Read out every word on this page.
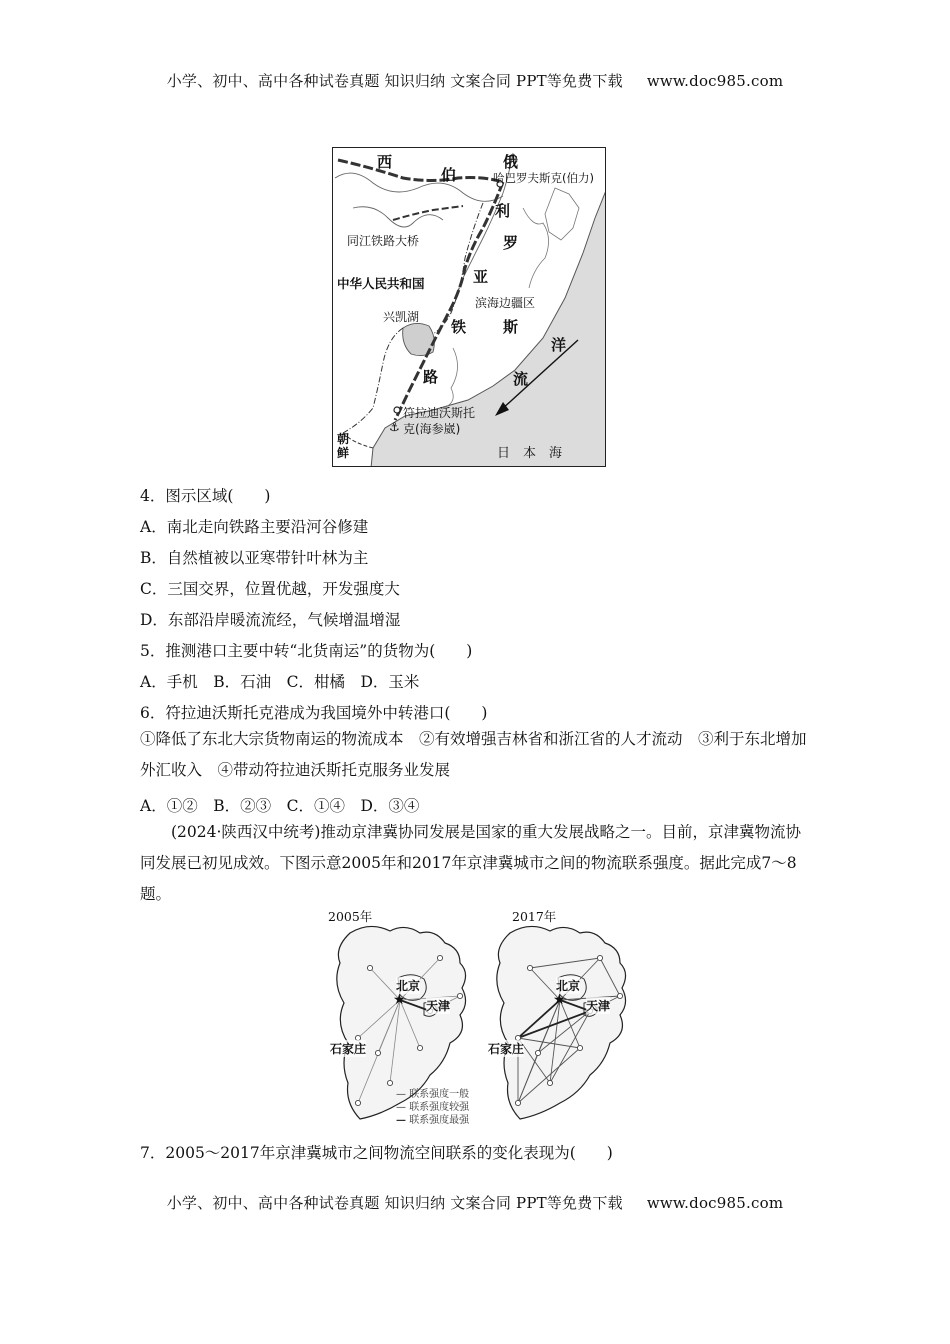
小学、初中、高中各种试卷真题 知识归纳 文案合同 PPT等免费下载 www.doc985.com
西
伯
俄
哈巴罗夫斯克(伯力)
利
同江铁路大桥	罗
亚
中华人民共和国
滨海边疆区
兴凯湖
铁 斯
洋
路	流
符拉迪沃斯托
⚓ 克(海参崴)
朝
鲜	日　本　海
4．图示区域(　　)
A．南北走向铁路主要沿河谷修建
B．自然植被以亚寒带针叶林为主
C．三国交界，位置优越，开发强度大
D．东部沿岸暖流流经，气候增温增湿
5．推测港口主要中转“北货南运”的货物为(　　)
A．手机　B．石油　C．柑橘　D．玉米
6．符拉迪沃斯托克港成为我国境外中转港口(　　)
①降低了东北大宗货物南运的物流成本　②有效增强吉林省和浙江省的人才流动　③利于东北增加外汇收入　④带动符拉迪沃斯托克服务业发展
A．①②　B．②③　C．①④　D．③④
(2024·陕西汉中统考)推动京津冀协同发展是国家的重大发展战略之一。目前，京津冀物流协同发展已初见成效。下图示意2005年和2017年京津冀城市之间的物流联系强度。据此完成7～8题。
2005年	2017年
北京	北京
★	★
天津	天津
石家庄	石家庄
— 联系强度一般
— 联系强度较强
— 联系强度最强
7．2005～2017年京津冀城市之间物流空间联系的变化表现为(　　)
小学、初中、高中各种试卷真题 知识归纳 文案合同 PPT等免费下载 www.doc985.com
